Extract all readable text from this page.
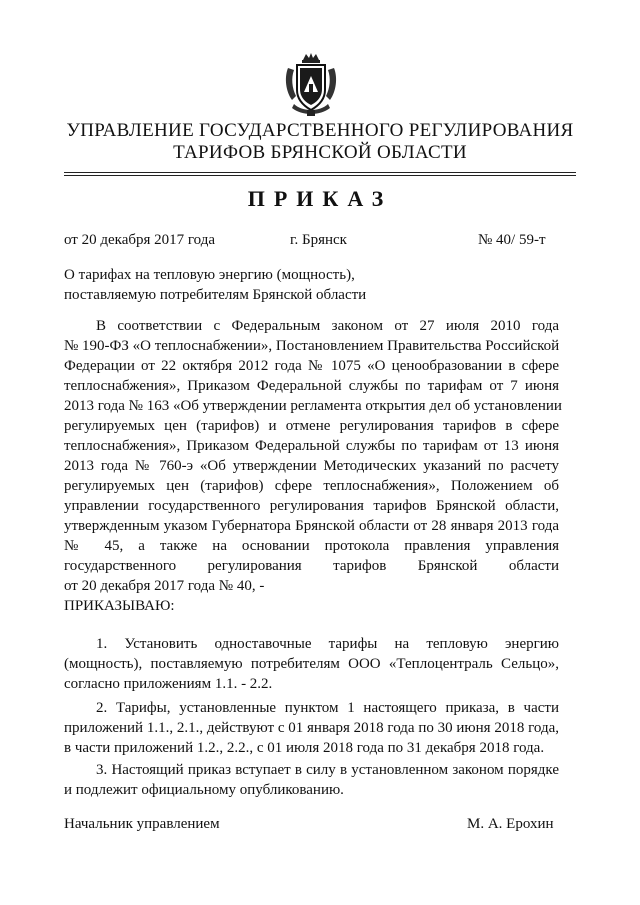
УПРАВЛЕНИЕ ГОСУДАРСТВЕННОГО РЕГУЛИРОВАНИЯ
ТАРИФОВ БРЯНСКОЙ ОБЛАСТИ
ПРИКАЗ
от 20 декабря 2017 года	г. Брянск	№ 40/ 59-т
О тарифах на тепловую энергию (мощность),
поставляемую потребителям Брянской области
В соответствии с Федеральным законом от 27 июля 2010 года
№ 190-ФЗ «О теплоснабжении», Постановлением Правительства Российской
Федерации от 22 октября 2012 года № 1075 «О ценообразовании в сфере
теплоснабжения», Приказом Федеральной службы по тарифам от 7 июня
2013 года № 163 «Об утверждении регламента открытия дел об установлении
регулируемых цен (тарифов) и отмене регулирования тарифов в сфере
теплоснабжения», Приказом Федеральной службы по тарифам от 13 июня
2013 года № 760-э «Об утверждении Методических указаний по расчету
регулируемых цен (тарифов) сфере теплоснабжения», Положением об
управлении государственного регулирования тарифов Брянской области,
утвержденным указом Губернатора Брянской области от 28 января 2013 года
№ 45, а также на основании протокола правления управления
государственного регулирования тарифов Брянской области
от 20 декабря 2017 года № 40, -
ПРИКАЗЫВАЮ:
1. Установить одноставочные тарифы на тепловую энергию
(мощность), поставляемую потребителям ООО «Теплоцентраль Сельцо»,
согласно приложениям 1.1. - 2.2.
2. Тарифы, установленные пунктом 1 настоящего приказа, в части
приложений 1.1., 2.1., действуют с 01 января 2018 года по 30 июня 2018 года,
в части приложений 1.2., 2.2., с 01 июля 2018 года по 31 декабря 2018 года.
3. Настоящий приказ вступает в силу в установленном законом порядке
и подлежит официальному опубликованию.
Начальник управлением	М. А. Ерохин
